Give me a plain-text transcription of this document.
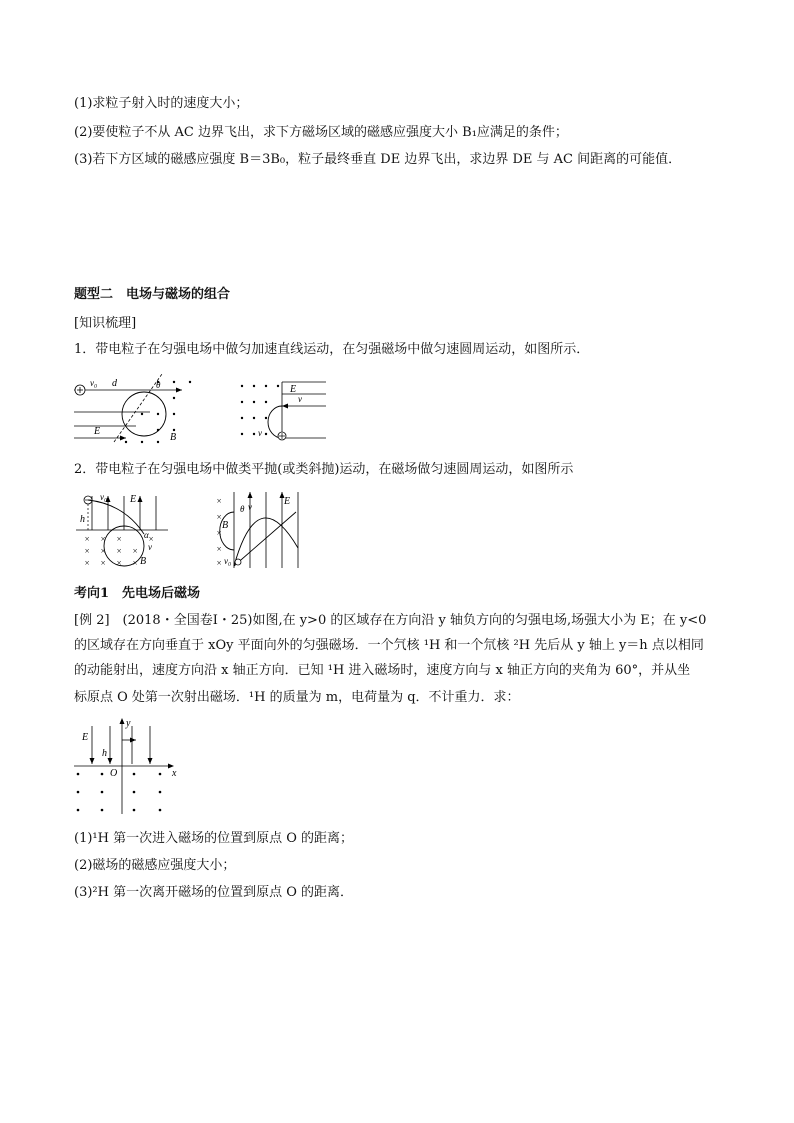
(1)求粒子射入时的速度大小；
(2)要使粒子不从 AC 边界飞出，求下方磁场区域的磁感应强度大小 B₁应满足的条件；
(3)若下方区域的磁感应强度 B＝3B₀，粒子最终垂直 DE 边界飞出，求边界 DE 与 AC 间距离的可能值．
题型二　电场与磁场的组合
[知识梳理]
1．带电粒子在匀强电场中做匀加速直线运动，在匀强磁场中做匀速圆周运动，如图所示．
v₀ d	θ
E
B
E
v
v
2．带电粒子在匀强电场中做类平抛(或类斜抛)运动，在磁场做匀速圆周运动，如图所示
× × ×	×
× × × ×
× × × ×
v₀ E
h
α
v
B
×
×
×
×
×
E
B
θ v
v₀
考向1　先电场后磁场
[例 2]　(2018・全国卷Ⅰ・25)如图,在 y>0 的区域存在方向沿 y 轴负方向的匀强电场,场强大小为 E；在 y<0
的区域存在方向垂直于 xOy 平面向外的匀强磁场．一个氕核 ¹H 和一个氘核 ²H 先后从 y 轴上 y＝h 点以相同
的动能射出，速度方向沿 x 轴正方向．已知 ¹H 进入磁场时，速度方向与 x 轴正方向的夹角为 60°，并从坐
标原点 O 处第一次射出磁场．¹H 的质量为 m，电荷量为 q．不计重力．求：
E
h
O	x
y
(1)¹H 第一次进入磁场的位置到原点 O 的距离；
(2)磁场的磁感应强度大小；
(3)²H 第一次离开磁场的位置到原点 O 的距离．
